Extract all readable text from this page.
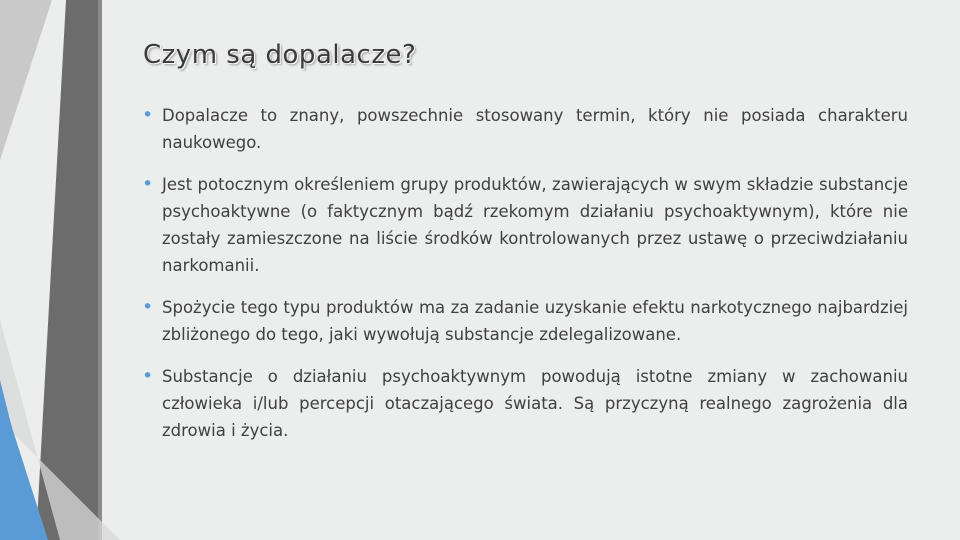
Czym są dopalacze?
• Dopalacze to znany, powszechnie stosowany termin, który nie posiada charakteru naukowego.
• Jest potocznym określeniem grupy produktów, zawierających w swym składzie substancje psychoaktywne (o faktycznym bądź rzekomym działaniu psychoaktywnym), które nie zostały zamieszczone na liście środków kontrolowanych przez ustawę o przeciwdziałaniu narkomanii.
• Spożycie tego typu produktów ma za zadanie uzyskanie efektu narkotycznego najbardziej zbliżonego do tego, jaki wywołują substancje zdelegalizowane.
• Substancje o działaniu psychoaktywnym powodują istotne zmiany w zachowaniu człowieka i/lub percepcji otaczającego świata. Są przyczyną realnego zagrożenia dla zdrowia i życia.
